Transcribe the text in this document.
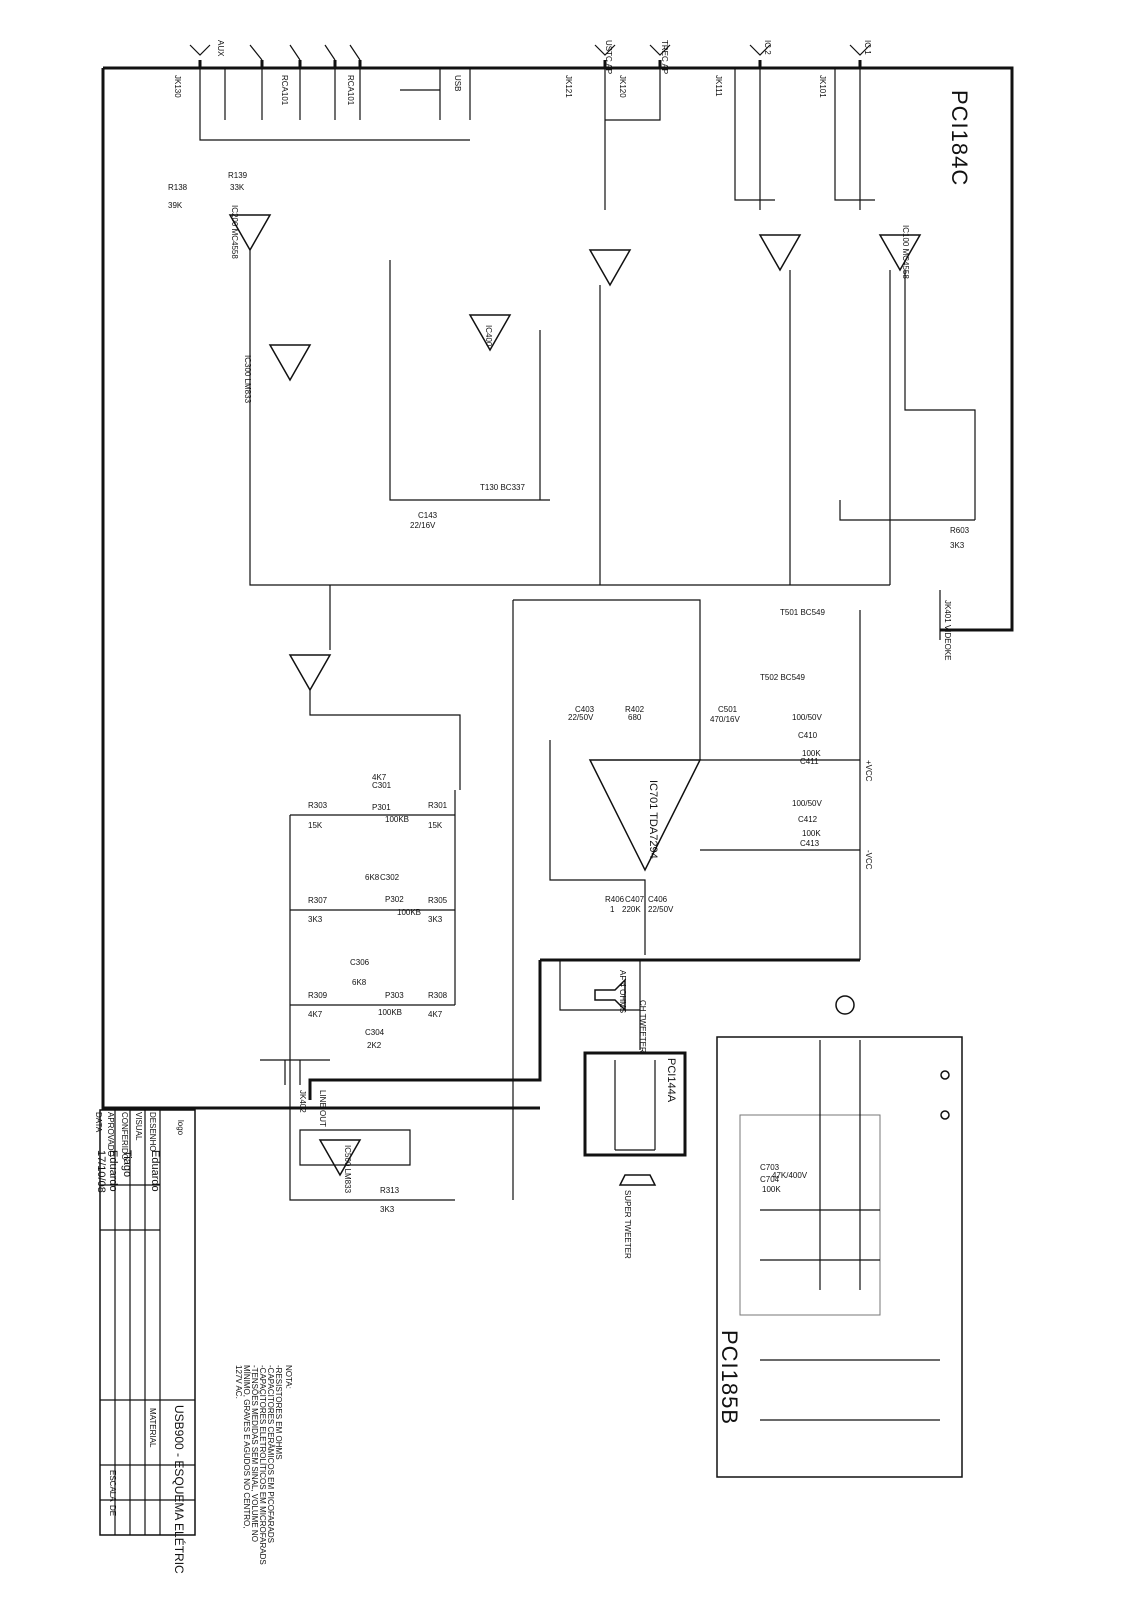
PCI184C
PCI144A
PCI185B
AF 4 OHMS
CH TWEETER
SUPER TWEETER
LINE OUT
JK402
JK401 VIDEOKE
+VCC
-VCC
IC200 MC4558
IC300 LM833
IC400
IC100 MC4558
IC701 TDA7294
IC500 LM833
T130 BC337
T501 BC549
T502 BC549
JK130	JK121	JK120	JK111	JK101
AUX
RCA101	RCA101	USB
USTC AP	TREC AP	IC 2	IC 1
R303
15K
R301
15K
R307
3K3
R305
3K3
R309
4K7
R308
4K7
R313
3K3
R603
3K3
R139
33K
R138
39K
C143
22/16V
C406
22/50V
C304
2K2
C306
6K8
C302
6K8
C301
4K7
P301
100KB
P302
100KB
P303
100KB
R406
1
C407
220K
R402
680
C403
22/50V
C501
470/16V
C410
100/50V
C411
100K
C412
100/50V
C413
100K
C703
47K/400V
C704
100K
USB900 - ESQUEMA ELÉTRIC
logo
DESENHO
Eduardo
VISUAL
CONFERIDO
Tiago
APROVADO
Eduardo
DATA
17/10/08
MATERIAL
ESCALA
DE
NOTA:
-RESISTORES EM OHMS
-CAPACITORES CERÂMICOS EM PICOFARADS
-CAPACITORES ELETROLÍTICOS EM MICROFARADS
-TENSÕES MEDIDAS SEM SINAL, VOLUME NO
MÍNIMO, GRAVES E AGUDOS NO CENTRO,
127V AC.
